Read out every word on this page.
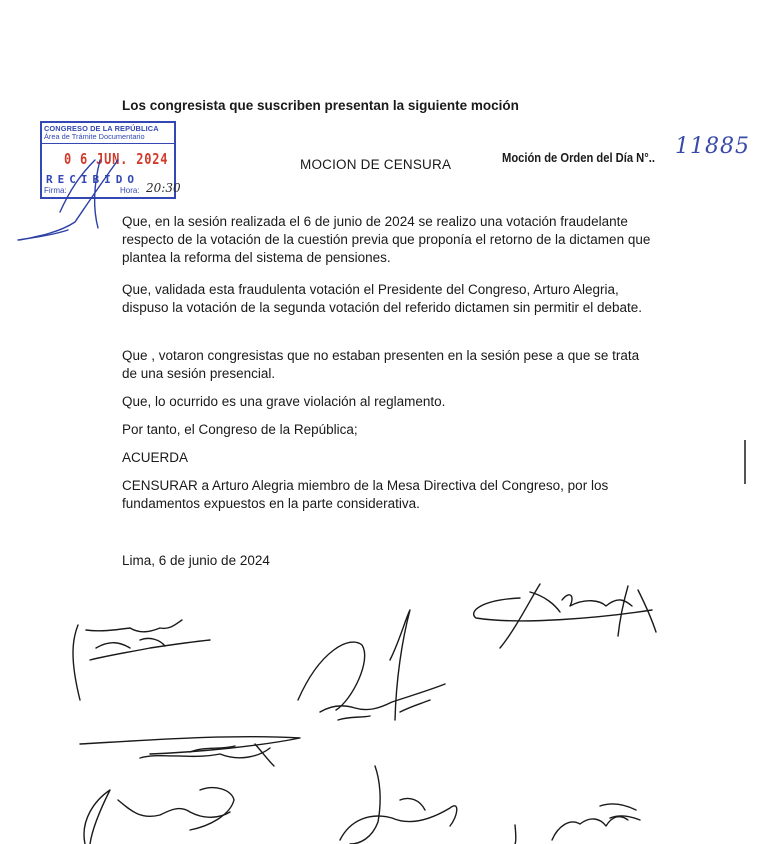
Los congresista que suscriben presentan la siguiente moción
CONGRESO DE LA REPÚBLICA
Área de Trámite Documentario
0 6 JUN. 2024
RECIBIDO
Firma:	Hora: 20:30
MOCION DE CENSURA	Moción de Orden del Día N°.. 11885
Que, en la sesión realizada el 6 de junio de 2024 se realizo una votación fraudelante respecto de la votación de la cuestión previa que proponía el retorno de la dictamen que plantea la reforma del sistema de pensiones.
Que, validada esta fraudulenta votación el Presidente del Congreso, Arturo Alegria, dispuso la votación de la segunda votación del referido dictamen sin permitir el debate.
Que , votaron congresistas que no estaban presenten en la sesión pese a que se trata de una sesión presencial.
Que, lo ocurrido es una grave violación al reglamento.
Por tanto, el Congreso de la República;
ACUERDA
CENSURAR a Arturo Alegria miembro de la Mesa Directiva del Congreso, por los fundamentos expuestos en la parte considerativa.
Lima, 6 de junio de 2024
